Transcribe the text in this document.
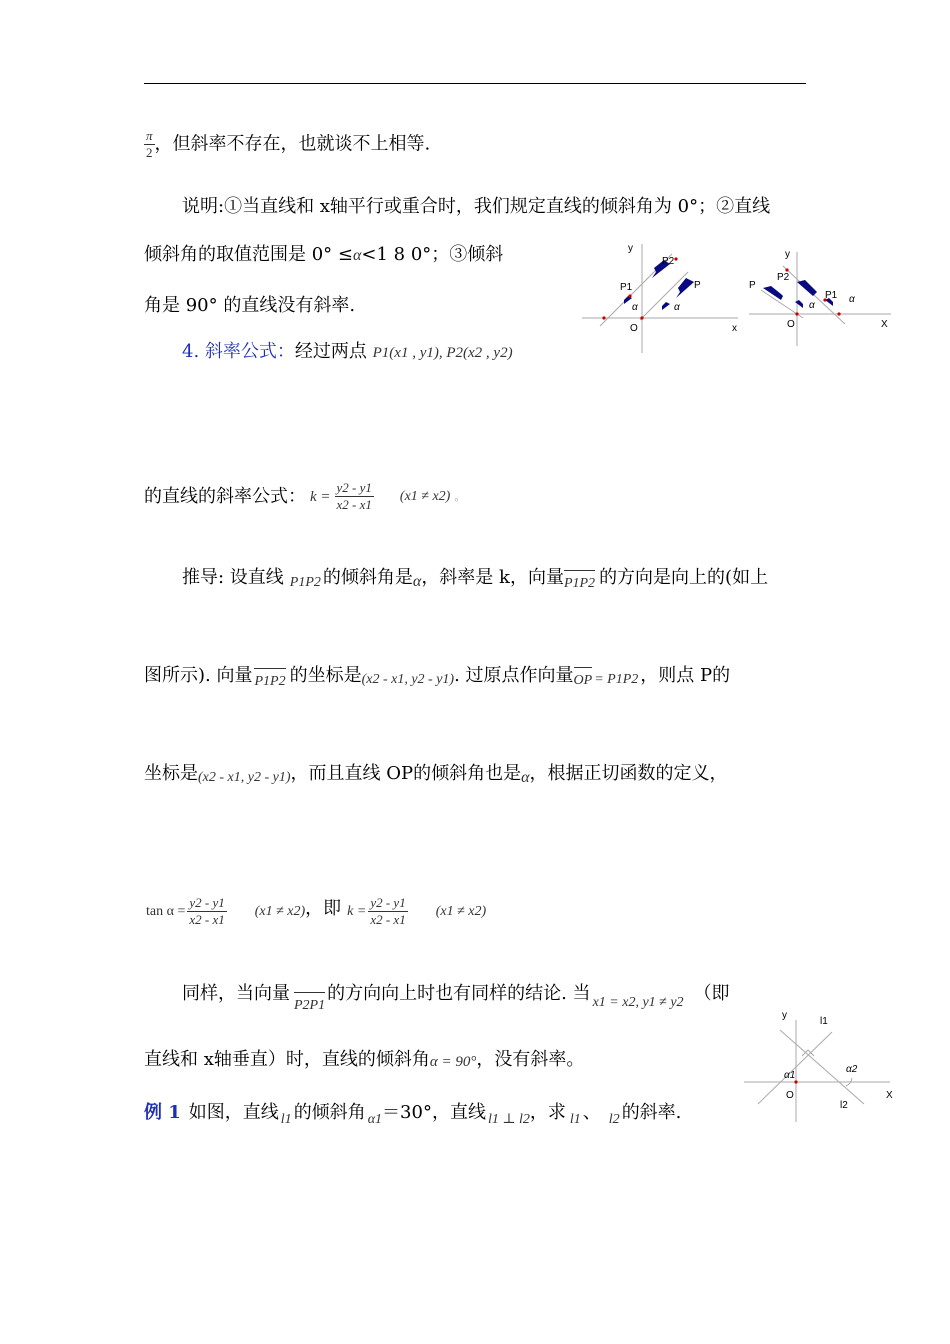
$\frac{\pi}{2}$ ，但斜率不存在，也就谈不上相等.
说明:①当直线和 x轴平行或重合时，我们规定直线的倾斜角为 0°；②直线
倾斜角的取值范围是 0° ≤α<1 8 0°；③倾斜
角是 90° 的直线没有斜率.
y
x
O
P2
P1	P
α	α
y
X
O
P
P2
P1
α
α
4. 斜率公式：经过两点 P1(x1 , y1), P2(x2 , y2)
的直线的斜率公式： $k = \frac{y2 - y1}{x2 - x1} (x1 \ne x2)$ 。
推导: 设直线 P1P2 的倾斜角是 α ，斜率是 k，向量 P1P2 的方向是向上的(如上
图所示). 向量 P1P2 的坐标是 (x2 - x1, y2 - y1) . 过原点作向量 OP = P1P2 ，则点 P的
坐标是 (x2 - x1, y2 - y1) ，而且直线 OP的倾斜角也是 α ，根据正切函数的定义，
$\tan \alpha = \frac{y2 - y1}{x2 - x1} (x1 \ne x2)$ ，即 $k = \frac{y2 - y1}{x2 - x1} (x1 \ne x2)$
同样，当向量
P2P1
的方向向上时也有同样的结论. 当 x1 = x2, y1 ≠ y2 （即
直线和 x轴垂直）时，直线的倾斜角 α = 90° ，没有斜率。
例 1 如图，直线 l1 的倾斜角 α1 ＝30°，直线 l1 ⊥ l2 ，求 l1 、 l2 的斜率.
y
X
O
l1
l2
α1
α2
